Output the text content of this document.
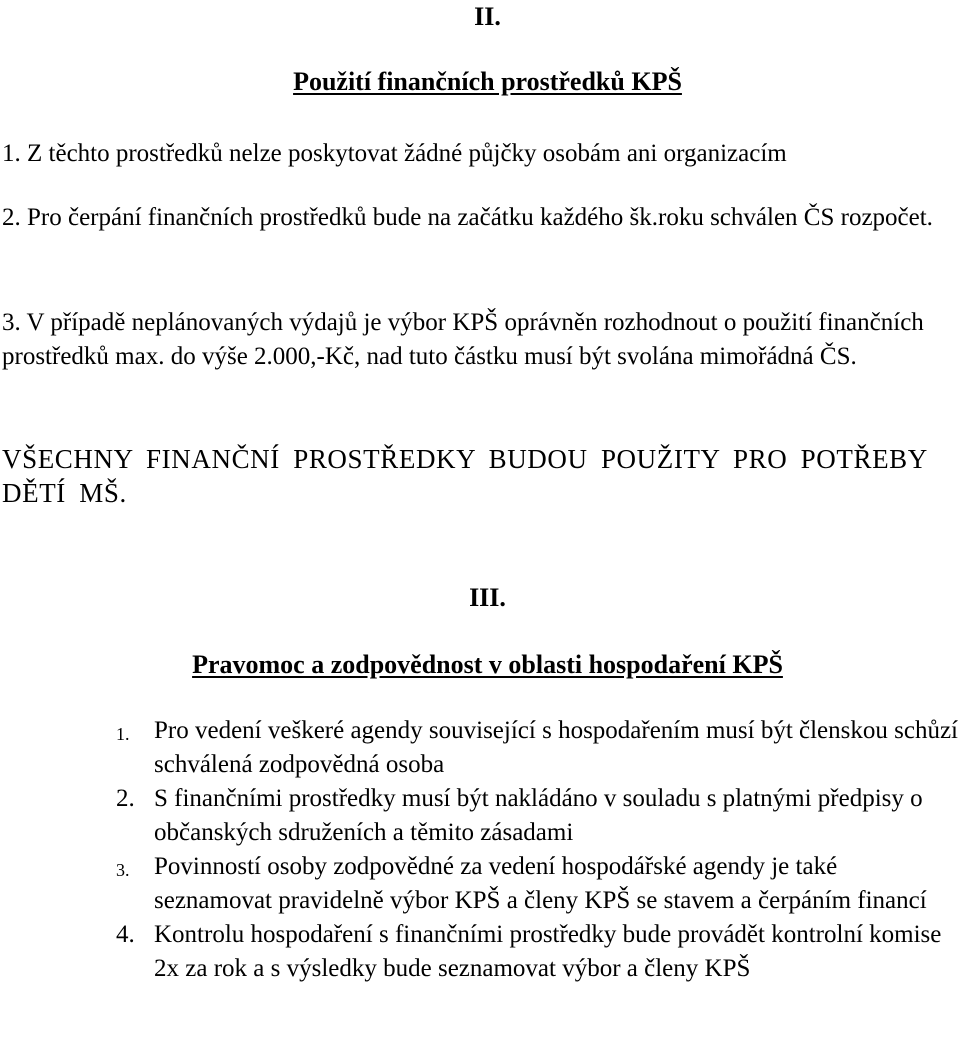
II.

Použití finančních prostředků KPŠ

1. Z těchto prostředků nelze poskytovat žádné půjčky osobám ani organizacím

2. Pro čerpání finančních prostředků bude na začátku každého šk.roku schválen ČS rozpočet.

3. V případě neplánovaných výdajů je výbor KPŠ oprávněn rozhodnout o použití finančních prostředků max. do výše 2.000,-Kč, nad tuto částku musí být svolána mimořádná ČS.

VŠECHNY FINANČNÍ PROSTŘEDKY BUDOU POUŽITY PRO POTŘEBY DĚTÍ MŠ.

III.

Pravomoc a zodpovědnost v oblasti hospodaření KPŠ

1. Pro vedení veškeré agendy související s hospodařením musí být členskou schůzí schválená zodpovědná osoba
2. S finančními prostředky musí být nakládáno v souladu s platnými předpisy o občanských sdruženích a těmito zásadami
3. Povinností osoby zodpovědné za vedení hospodářské agendy je také seznamovat pravidelně výbor KPŠ a členy KPŠ se stavem a čerpáním financí
4. Kontrolu hospodaření s finančními prostředky bude provádět kontrolní komise 2x za rok a s výsledky bude seznamovat výbor a členy KPŠ
